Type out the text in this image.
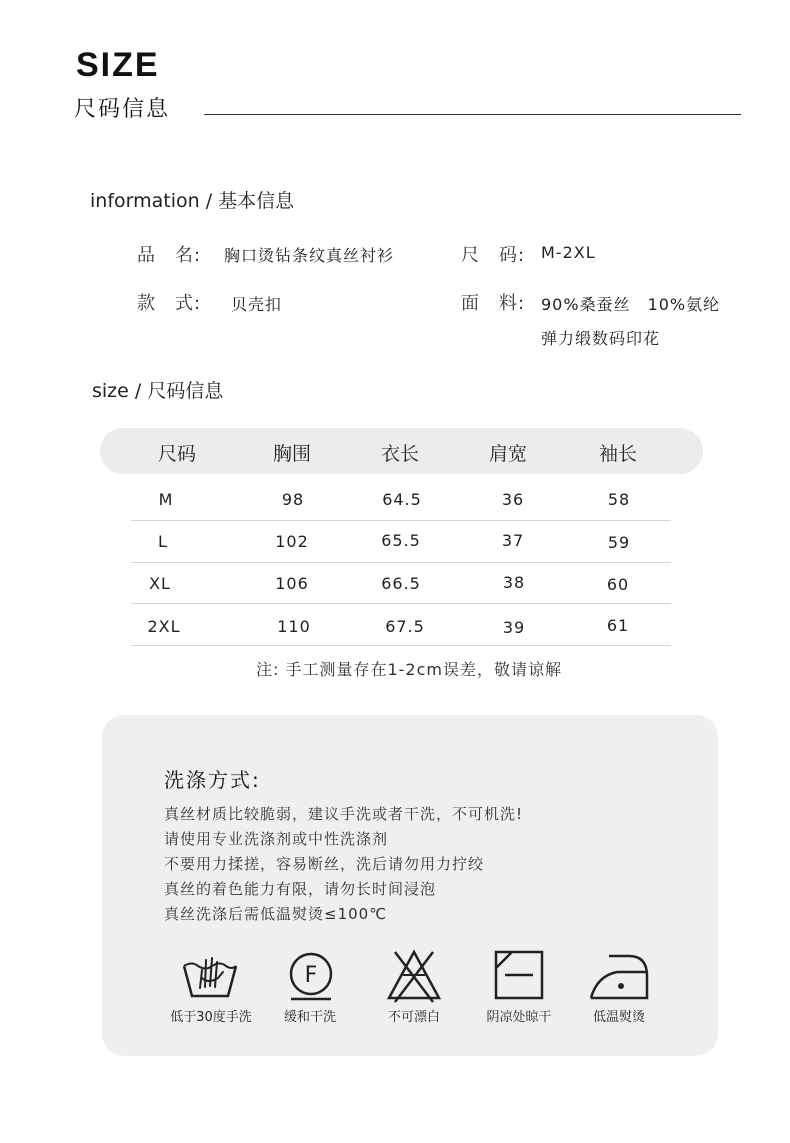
SIZE
尺码信息
information / 基本信息
品　名: 胸口烫钻条纹真丝衬衫	尺　码: M-2XL
款　式: 贝壳扣	面　料: 90%桑蚕丝　10%氨纶
弹力缎数码印花
size / 尺码信息
尺码	胸围	衣长	肩宽	袖长
M	98	64.5	36	58
L	102	65.5	37	59
XL	106	66.5	38	60
2XL	110	67.5	39	61
注: 手工测量存在1-2cm误差，敬请谅解
洗涤方式:
真丝材质比较脆弱，建议手洗或者干洗，不可机洗!
请使用专业洗涤剂或中性洗涤剂
不要用力揉搓，容易断丝，洗后请勿用力拧绞
真丝的着色能力有限，请勿长时间浸泡
真丝洗涤后需低温熨烫≤100℃
低于30度手洗
F
缓和干洗	不可漂白	阴凉处晾干	低温熨烫
